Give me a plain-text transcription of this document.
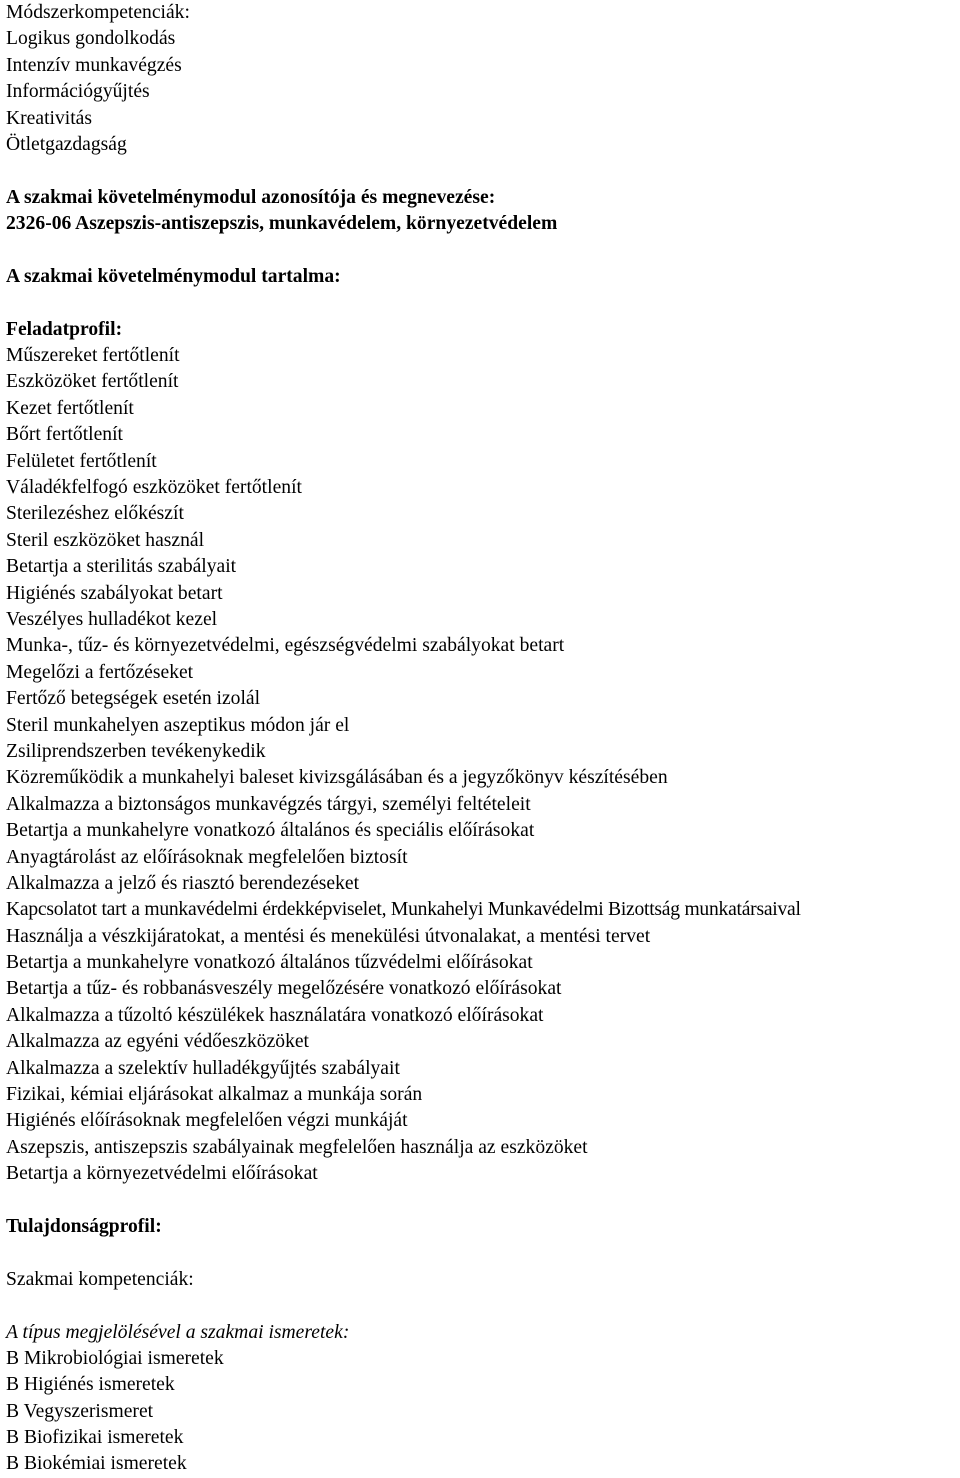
Módszerkompetenciák:

Logikus gondolkodás
Intenzív munkavégzés
Információgyűjtés
Kreativitás
Ötletgazdagság

A szakmai követelménymodul azonosítója és megnevezése:

2326-06 Aszepszis-antiszepszis, munkavédelem, környezetvédelem

A szakmai követelménymodul tartalma:

Feladatprofil:

Műszereket fertőtlenít
Eszközöket fertőtlenít
Kezet fertőtlenít
Bőrt fertőtlenít
Felületet fertőtlenít
Váladékfelfogó eszközöket fertőtlenít
Sterilezéshez előkészít
Steril eszközöket használ
Betartja a sterilitás szabályait
Higiénés szabályokat betart
Veszélyes hulladékot kezel
Munka-, tűz- és környezetvédelmi, egészségvédelmi szabályokat betart
Megelőzi a fertőzéseket
Fertőző betegségek esetén izolál
Steril munkahelyen aszeptikus módon jár el
Zsiliprendszerben tevékenykedik
Közreműködik a munkahelyi baleset kivizsgálásában és a jegyzőkönyv készítésében
Alkalmazza a biztonságos munkavégzés tárgyi, személyi feltételeit
Betartja a munkahelyre vonatkozó általános és speciális előírásokat
Anyagtárolást az előírásoknak megfelelően biztosít
Alkalmazza a jelző és riasztó berendezéseket
Kapcsolatot tart a munkavédelmi érdekképviselet, Munkahelyi Munkavédelmi Bizottság munkatársaival
Használja a vészkijáratokat, a mentési és menekülési útvonalakat, a mentési tervet
Betartja a munkahelyre vonatkozó általános tűzvédelmi előírásokat
Betartja a tűz- és robbanásveszély megelőzésére vonatkozó előírásokat
Alkalmazza a tűzoltó készülékek használatára vonatkozó előírásokat
Alkalmazza az egyéni védőeszközöket
Alkalmazza a szelektív hulladékgyűjtés szabályait
Fizikai, kémiai eljárásokat alkalmaz a munkája során
Higiénés előírásoknak megfelelően végzi munkáját
Aszepszis, antiszepszis szabályainak megfelelően használja az eszközöket
Betartja a környezetvédelmi előírásokat

Tulajdonságprofil:

Szakmai kompetenciák:

A típus megjelölésével a szakmai ismeretek:

B Mikrobiológiai ismeretek
B Higiénés ismeretek
B Vegyszerismeret
B Biofizikai ismeretek
B Biokémiai ismeretek
